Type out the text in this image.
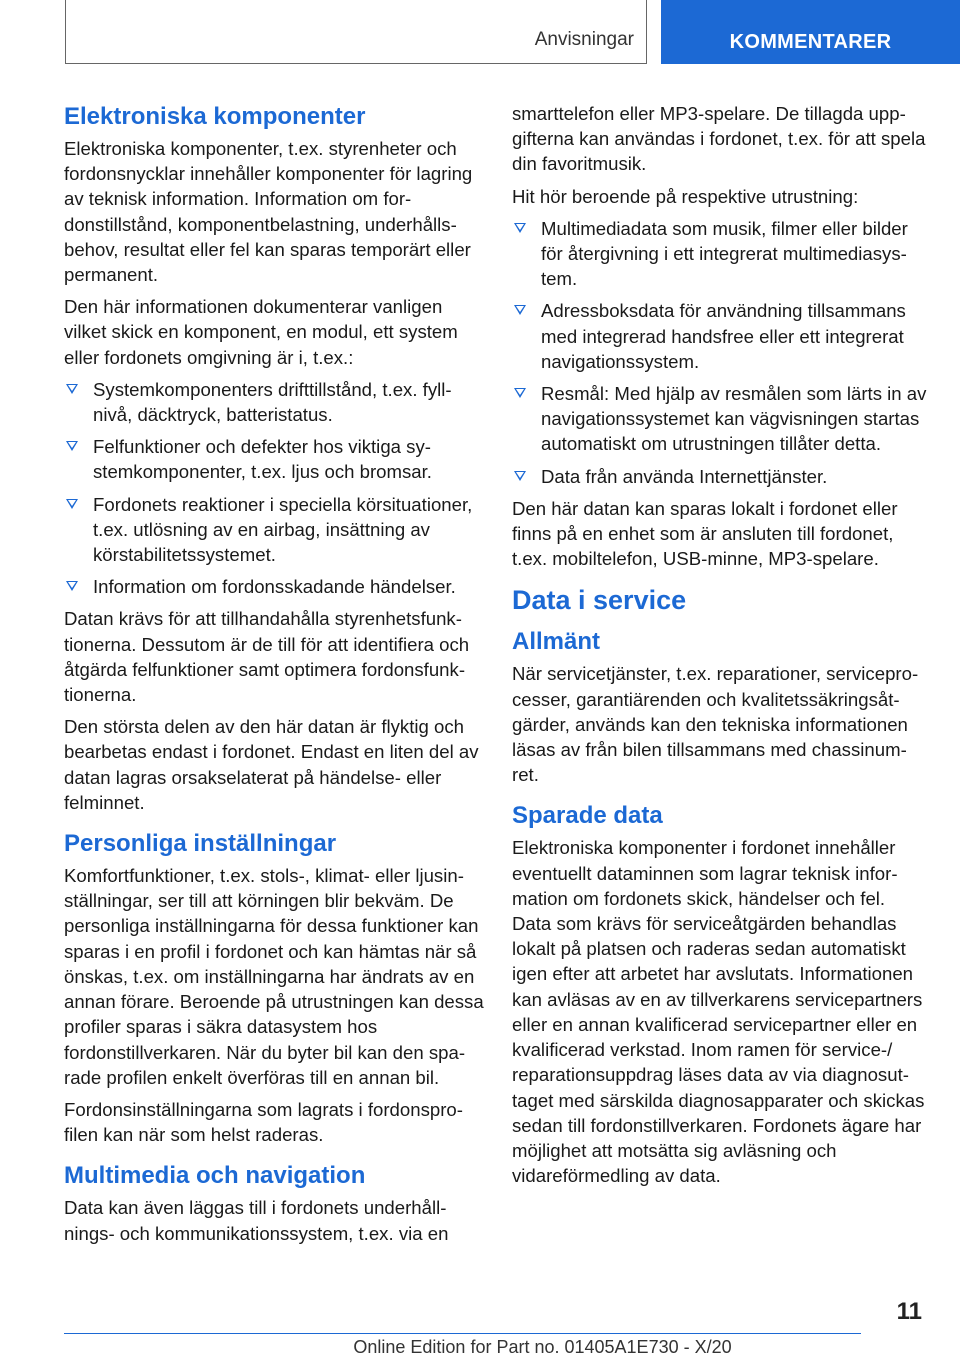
Anvisningar	KOMMENTARER
Elektroniska komponenter

Elektroniska komponenter, t.ex. styrenheter och fordonsnycklar innehåller komponenter för lagring av teknisk information. Information om fordonstillstånd, komponentbelastning, underhållsbehov, resultat eller fel kan sparas temporärt eller permanent.

Den här informationen dokumenterar vanligen vilket skick en komponent, en modul, ett system eller fordonets omgivning är i, t.ex.:

Systemkomponenters drifttillstånd, t.ex. fyllnivå, däcktryck, batteristatus.
Felfunktioner och defekter hos viktiga systemkomponenter, t.ex. ljus och bromsar.
Fordonets reaktioner i speciella körsituationer, t.ex. utlösning av en airbag, insättning av körstabilitetssystemet.
Information om fordonsskadande händelser.

Datan krävs för att tillhandahålla styrenhetsfunktionerna. Dessutom är de till för att identifiera och åtgärda felfunktioner samt optimera fordonsfunktionerna.

Den största delen av den här datan är flyktig och bearbetas endast i fordonet. Endast en liten del av datan lagras orsakselaterat på händelse- eller felminnet.

Personliga inställningar

Komfortfunktioner, t.ex. stols-, klimat- eller ljusinställningar, ser till att körningen blir bekväm. De personliga inställningarna för dessa funktioner kan sparas i en profil i fordonet och kan hämtas när så önskas, t.ex. om inställningarna har ändrats av en annan förare. Beroende på utrustningen kan dessa profiler sparas i säkra datasystem hos fordonstillverkaren. När du byter bil kan den sparade profilen enkelt överföras till en annan bil.

Fordonsinställningarna som lagrats i fordonsprofilen kan när som helst raderas.

Multimedia och navigation

Data kan även läggas till i fordonets underhållnings- och kommunikationssystem, t.ex. via en

smarttelefon eller MP3-spelare. De tillagda uppgifterna kan användas i fordonet, t.ex. för att spela din favoritmusik.

Hit hör beroende på respektive utrustning:

Multimediadata som musik, filmer eller bilder för återgivning i ett integrerat multimediasystem.
Adressboksdata för användning tillsammans med integrerad handsfree eller ett integrerat navigationssystem.
Resmål: Med hjälp av resmålen som lärts in av navigationssystemet kan vägvisningen startas automatiskt om utrustningen tillåter detta.
Data från använda Internettjänster.

Den här datan kan sparas lokalt i fordonet eller finns på en enhet som är ansluten till fordonet, t.ex. mobiltelefon, USB-minne, MP3-spelare.

Data i service
Allmänt

När servicetjänster, t.ex. reparationer, serviceprocesser, garantiärenden och kvalitetssäkringsåtgärder, används kan den tekniska informationen läsas av från bilen tillsammans med chassinumret.

Sparade data

Elektroniska komponenter i fordonet innehåller eventuellt dataminnen som lagrar teknisk information om fordonets skick, händelser och fel. Data som krävs för serviceåtgärden behandlas lokalt på platsen och raderas sedan automatiskt igen efter att arbetet har avslutats. Informationen kan avläsas av en av tillverkarens servicepartners eller en annan kvalificerad servicepartner eller en kvalificerad verkstad. Inom ramen för service-/ reparationsuppdrag läses data av via diagnosuttaget med särskilda diagnosapparater och skickas sedan till fordonstillverkaren. Fordonets ägare har möjlighet att motsätta sig avläsning och vidareförmedling av data.

11
Online Edition for Part no. 01405A1E730 - X/20
